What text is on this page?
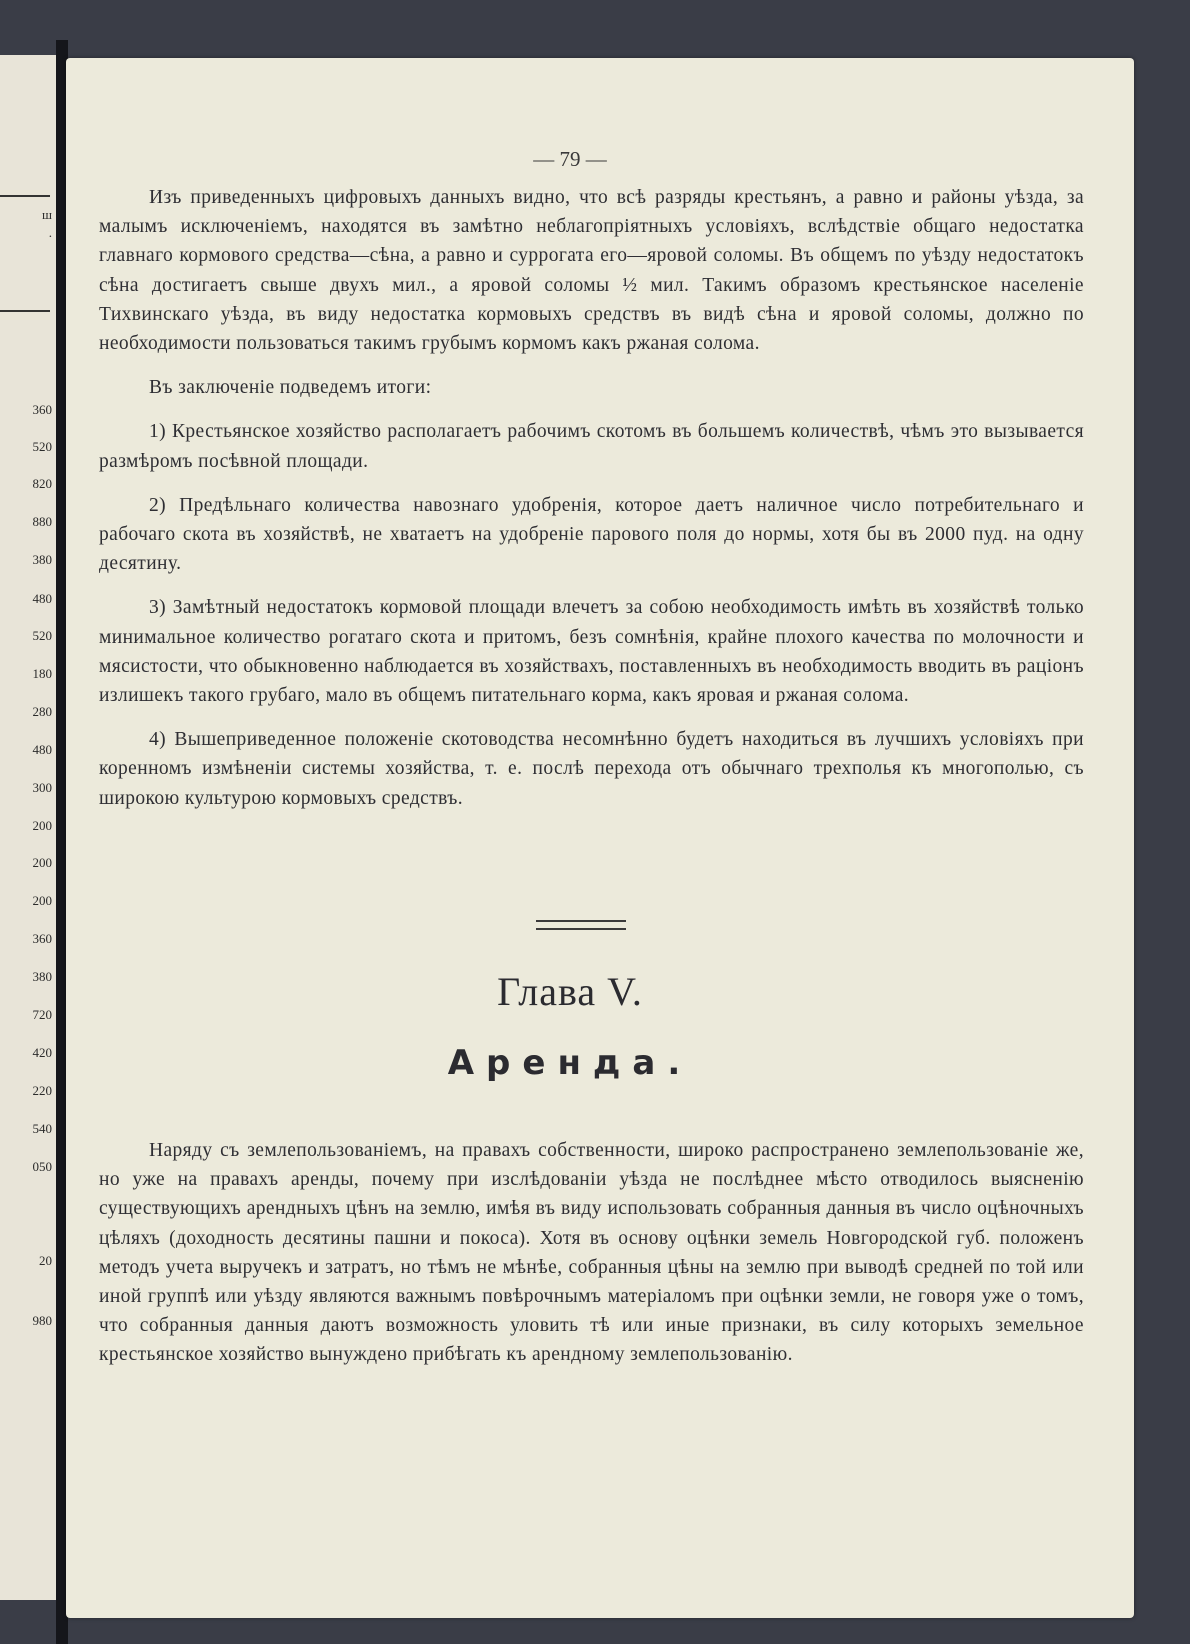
ш
.
360
520
820
880
380
480
520
180
280
480
300
200
200
200
360
380
720
420
220
540
050
20
980
— 79 —

Изъ приведенныхъ цифровыхъ данныхъ видно, что всѣ разряды крестьянъ, а равно и районы уѣзда, за малымъ исключеніемъ, находятся въ замѣтно неблагопріятныхъ условіяхъ, вслѣдствіе общаго недостатка главнаго кормового средства—сѣна, а равно и суррогата его—яровой соломы. Въ общемъ по уѣзду недостатокъ сѣна достигаетъ свыше двухъ мил., а яровой соломы ½ мил. Такимъ образомъ крестьянское населеніе Тихвинскаго уѣзда, въ виду недостатка кормовыхъ средствъ въ видѣ сѣна и яровой соломы, должно по необходимости пользоваться такимъ грубымъ кормомъ какъ ржаная солома.

Въ заключеніе подведемъ итоги:

1) Крестьянское хозяйство располагаетъ рабочимъ скотомъ въ большемъ количествѣ, чѣмъ это вызывается размѣромъ посѣвной площади.

2) Предѣльнаго количества навознаго удобренія, которое даетъ наличное число потребительнаго и рабочаго скота въ хозяйствѣ, не хватаетъ на удобреніе парового поля до нормы, хотя бы въ 2000 пуд. на одну десятину.

3) Замѣтный недостатокъ кормовой площади влечетъ за собою необходимость имѣть въ хозяйствѣ только минимальное количество рогатаго скота и притомъ, безъ сомнѣнія, крайне плохого качества по молочности и мясистости, что обыкновенно наблюдается въ хозяйствахъ, поставленныхъ въ необходимость вводить въ раціонъ излишекъ такого грубаго, мало въ общемъ питательнаго корма, какъ яровая и ржаная солома.

4) Вышеприведенное положеніе скотоводства несомнѣнно будетъ находиться въ лучшихъ условіяхъ при коренномъ измѣненіи системы хозяйства, т. е. послѣ перехода отъ обычнаго трехполья къ многополью, съ широкою культурою кормовыхъ средствъ.

Глава V.
Аренда.

Наряду съ землепользованіемъ, на правахъ собственности, широко распространено землепользованіе же, но уже на правахъ аренды, почему при изслѣдованіи уѣзда не послѣднее мѣсто отводилось выясненію существующихъ арендныхъ цѣнъ на землю, имѣя въ виду использовать собранныя данныя въ число оцѣночныхъ цѣляхъ (доходность десятины пашни и покоса). Хотя въ основу оцѣнки земель Новгородской губ. положенъ методъ учета выручекъ и затратъ, но тѣмъ не мѣнѣе, собранныя цѣны на землю при выводѣ средней по той или иной группѣ или уѣзду являются важнымъ повѣрочнымъ матеріаломъ при оцѣнки земли, не говоря уже о томъ, что собранныя данныя даютъ возможность уловить тѣ или иные признаки, въ силу которыхъ земельное крестьянское хозяйство вынуждено прибѣгать къ арендному землепользованію.
